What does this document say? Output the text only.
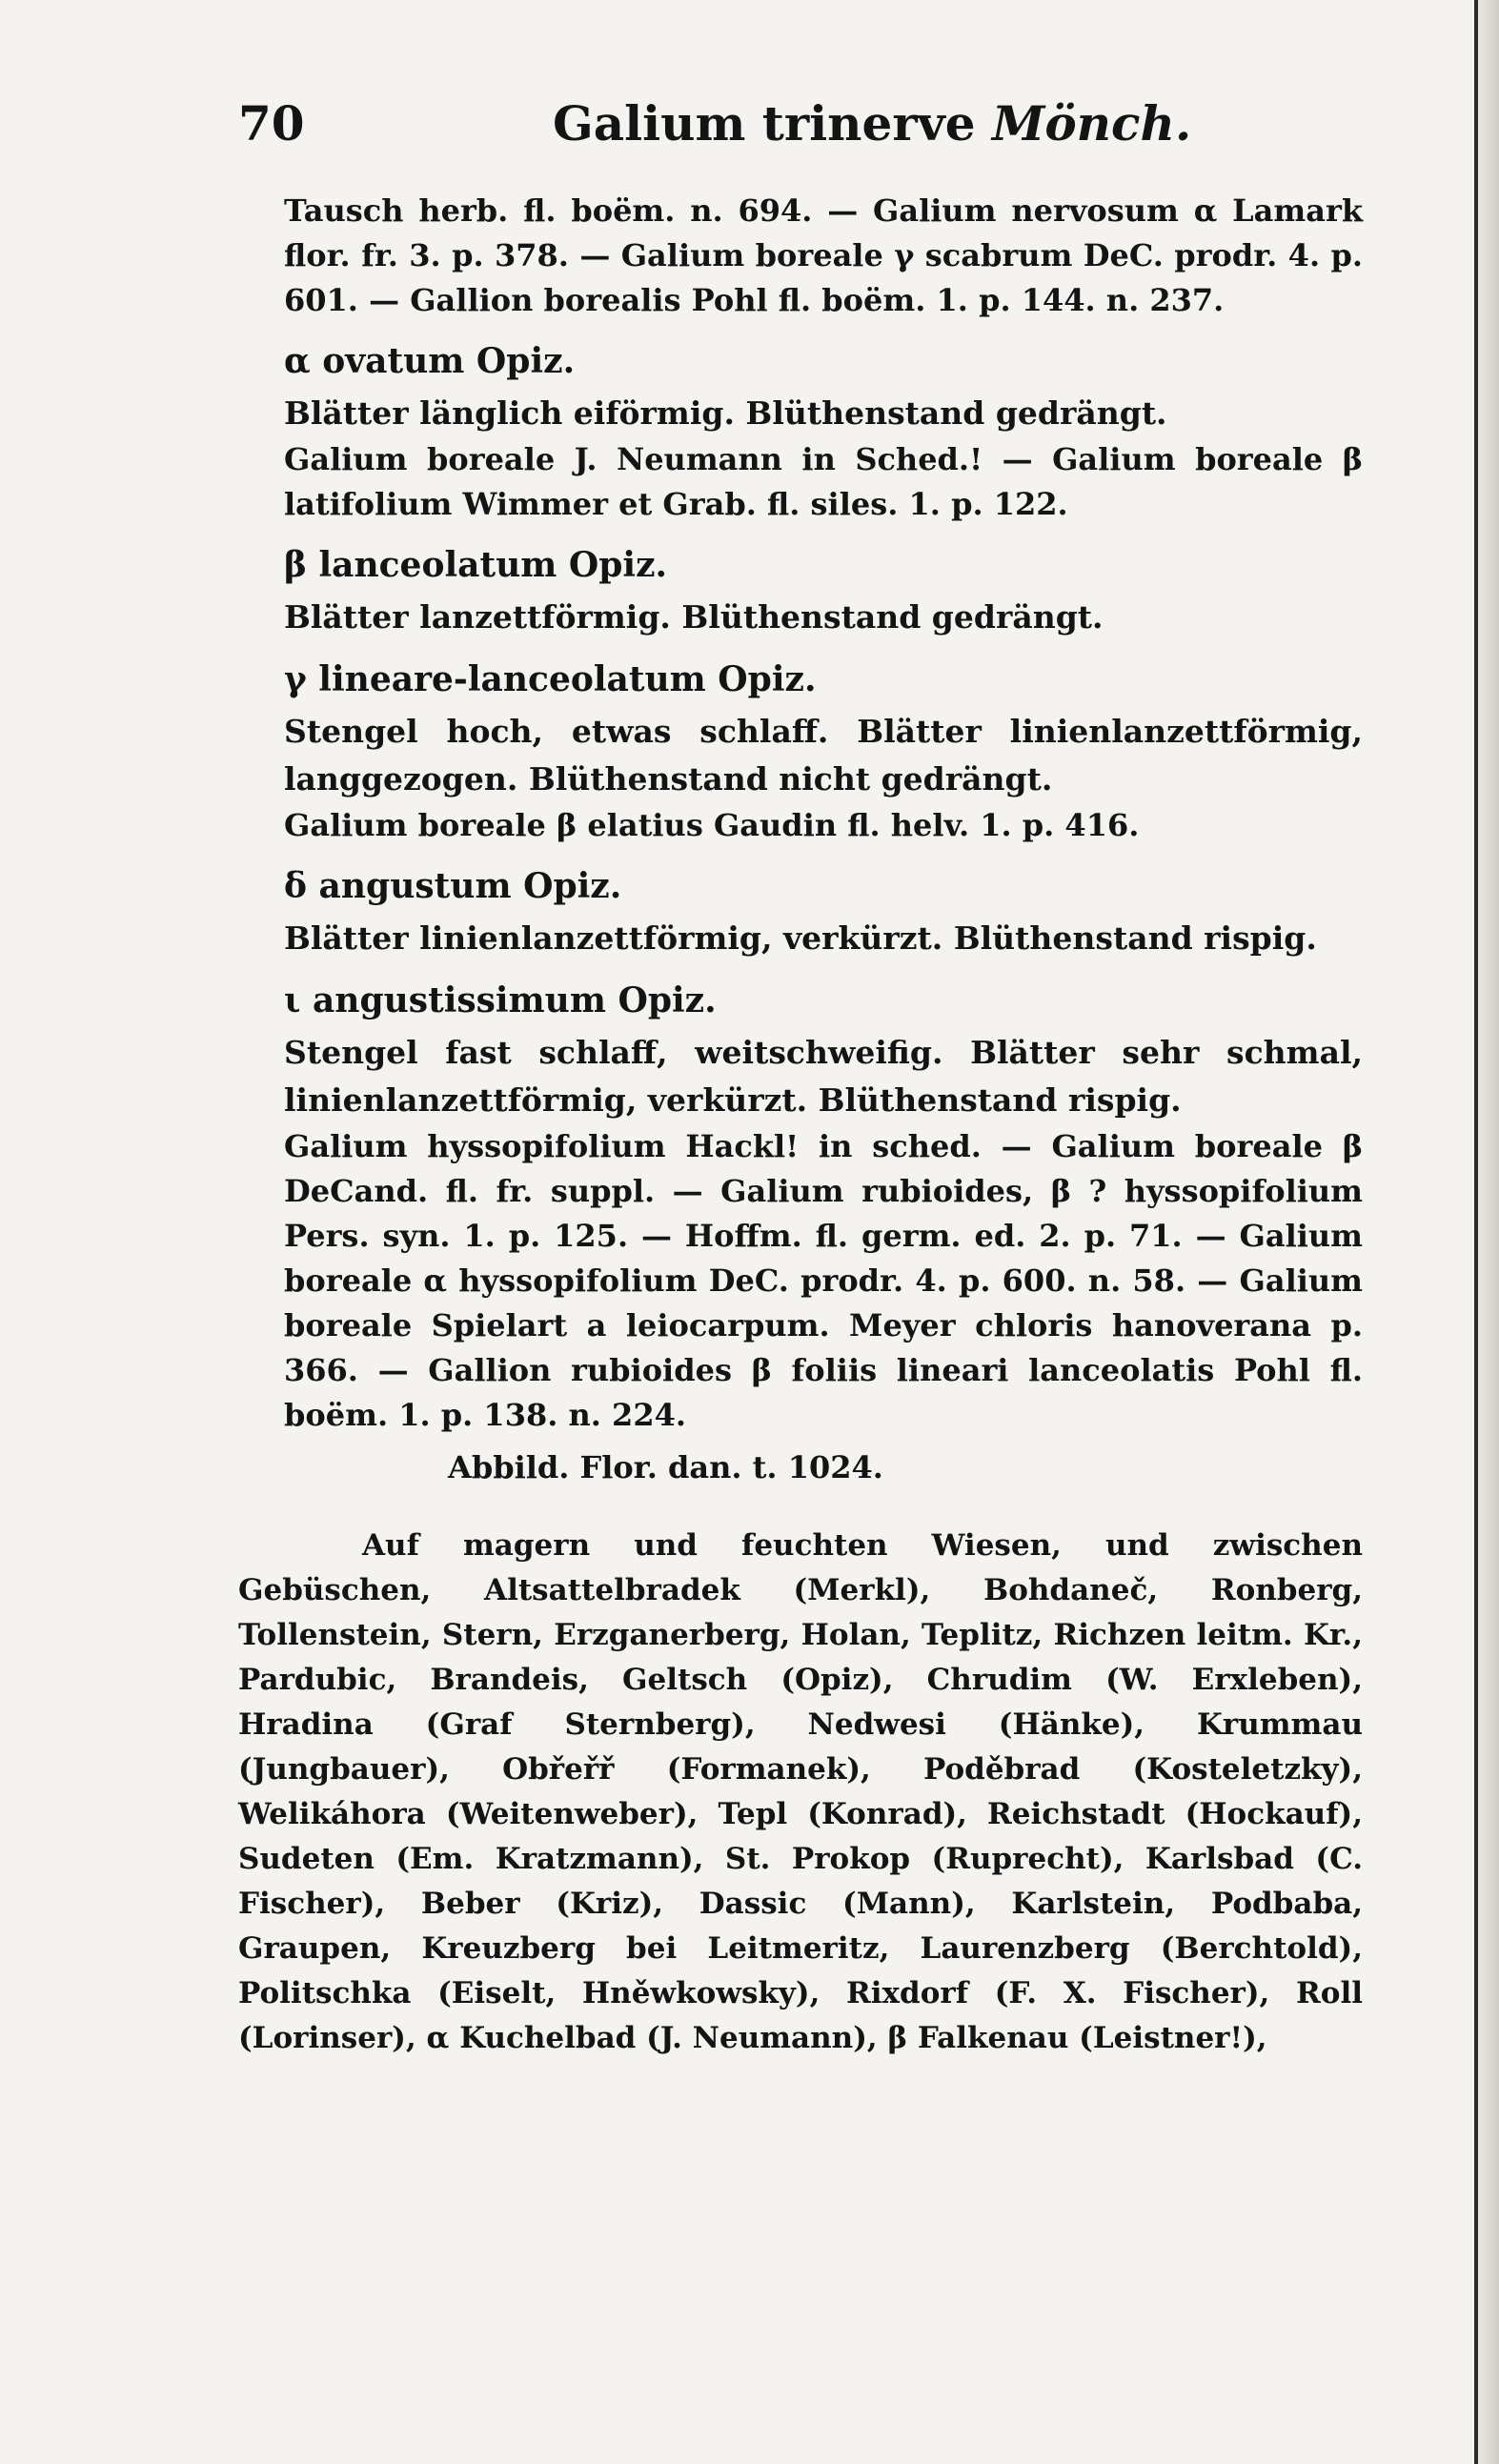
70	Galium trinerve Mönch.

Tausch herb. fl. boëm. n. 694. — Galium nervosum α Lamark flor. fr. 3. p. 378. — Galium boreale γ scabrum DeC. prodr. 4. p. 601. — Gallion boreali​s Pohl fl. boëm. 1. p. 144. n. 237.

α ovatum Opiz.

Blätter länglich eiförmig. Blüthenstand gedrängt.

Galium boreale J. Neumann in Sched.! — Galium boreale β latifolium Wimmer et Grab. fl. siles. 1. p. 122.

β lanceolatum Opiz.

Blätter lanzettförmig. Blüthenstand gedrängt.

γ lineare-lanceolatum Opiz.

Stengel hoch, etwas schlaff. Blätter linienlanzettförmig, langgezogen. Blüthenstand nicht gedrängt.

Galium boreale β elatius Gaudin fl. helv. 1. p. 416.

δ angustum Opiz.

Blätter linienlanzettförmig, verkürzt. Blüthenstand rispig.

ι angustissimum Opiz.

Stengel fast schlaff, weitschweifig. Blätter sehr schmal, linienlanzettförmig, verkürzt. Blüthenstand rispig.

Galium hyssopifolium Hackl! in sched. — Galium boreale β DeCand. fl. fr. suppl. — Galium rubioides, β ? hyssopifolium Pers. syn. 1. p. 125. — Hoffm. fl. germ. ed. 2. p. 71. — Galium boreale α hyssopifolium DeC. prodr. 4. p. 600. n. 58. — Galium boreale Spielart a leiocarpum. Meyer chloris hanoverana p. 366. — Gallion rubioides β foliis lineari lanceolatis Pohl fl. boëm. 1. p. 138. n. 224.

Abbild. Flor. dan. t. 1024.

Auf magern und feuchten Wiesen, und zwischen Gebüschen, Altsattelbradek (Merkl), Bohdaneč, Ronberg, Tollenstein, Stern, Erzganerberg, Holan, Teplitz, Richzen leitm. Kr., Pardubic, Brandeis, Geltsch (Opiz), Chrudim (W. Erxleben), Hradina (Graf Sternberg), Nedwesi (Hänke), Krummau (Jungbauer), Obřeřř (Formanek), Poděbrad (Kosteletzky), Welikáhora (Weitenweber), Tepl (Konrad), Reichstadt (Hockauf), Sudeten (Em. Kratzmann), St. Prokop (Ruprecht), Karlsbad (C. Fischer), Beber (Kriz), Dassic (Mann), Karlstein, Podbaba, Graupen, Kreuzberg bei Leitmeritz, Laurenzberg (Berchtold), Politschka (Eiselt, Hněwkowsky), Rixdorf (F. X. Fischer), Roll (Lorinser), α Kuchelbad (J. Neumann), β Falkenau (Leistner!),
